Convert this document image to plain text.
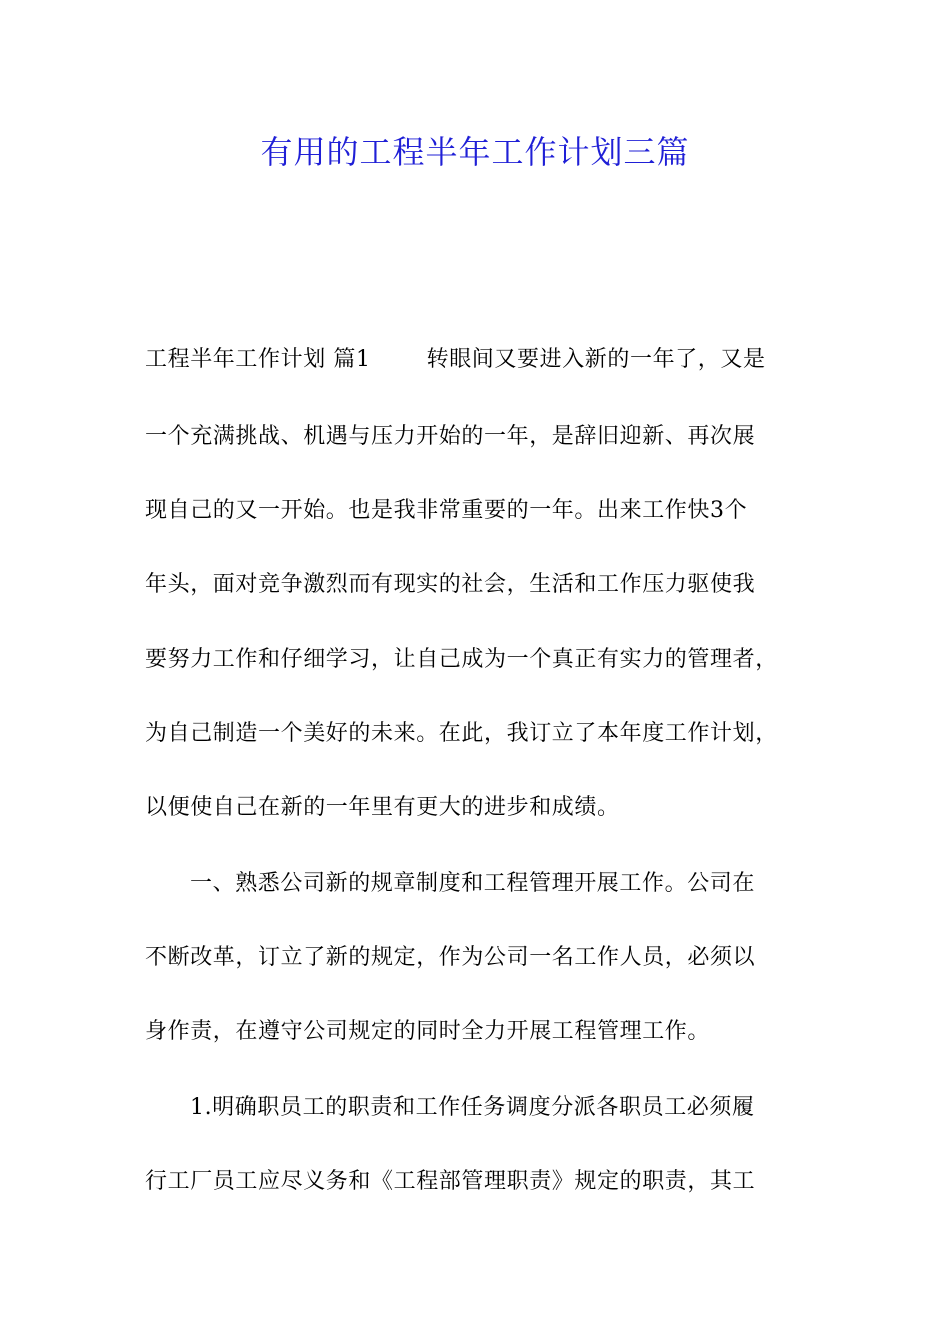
有用的工程半年工作计划三篇
工程半年工作计划 篇1	转眼间又要进入新的一年了，又是
一个充满挑战、机遇与压力开始的一年，是辞旧迎新、再次展
现自己的又一开始。也是我非常重要的一年。出来工作快3个
年头，面对竞争激烈而有现实的社会，生活和工作压力驱使我
要努力工作和仔细学习，让自己成为一个真正有实力的管理者，
为自己制造一个美好的未来。在此，我订立了本年度工作计划，
以便使自己在新的一年里有更大的进步和成绩。
一、熟悉公司新的规章制度和工程管理开展工作。公司在
不断改革，订立了新的规定，作为公司一名工作人员，必须以
身作责，在遵守公司规定的同时全力开展工程管理工作。
1.明确职员工的职责和工作任务调度分派各职员工必须履
行工厂员工应尽义务和《工程部管理职责》规定的职责，其工
